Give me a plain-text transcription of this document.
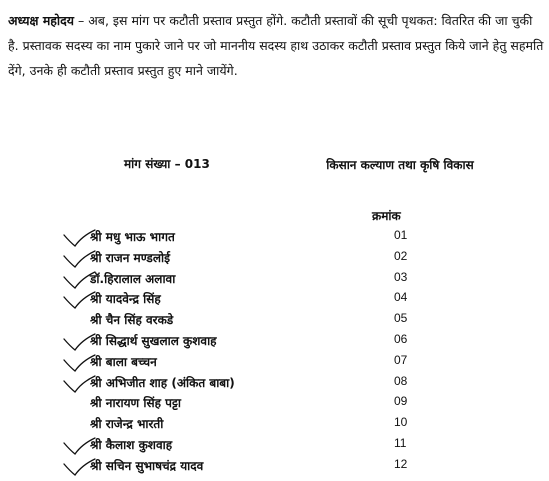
अध्यक्ष महोदय – अब, इस मांग पर कटौती प्रस्ताव प्रस्तुत होंगे. कटौती प्रस्तावों की सूची पृथकत: वितरित की जा चुकी है. प्रस्तावक सदस्य का नाम पुकारे जाने पर जो माननीय सदस्य हाथ उठाकर कटौती प्रस्ताव प्रस्तुत किये जाने हेतु सहमति देंगे, उनके ही कटौती प्रस्ताव प्रस्तुत हुए माने जायेंगे.
मांग संख्या – 013	किसान कल्याण तथा कृषि विकास
क्रमांक
श्री मधु भाऊ भागत	01
श्री राजन मण्डलोई	02
डॉ.हिरालाल अलावा	03
श्री यादवेन्द्र सिंह	04
श्री चैन सिंह वरकडे	05
श्री सिद्धार्थ सुखलाल कुशवाह	06
श्री बाला बच्चन	07
श्री अभिजीत शाह (अंकित बाबा)	08
श्री नारायण सिंह पट्टा	09
श्री राजेन्द्र भारती	10
श्री कैलाश कुशवाह	11
श्री सचिन सुभाषचंद्र यादव	12
